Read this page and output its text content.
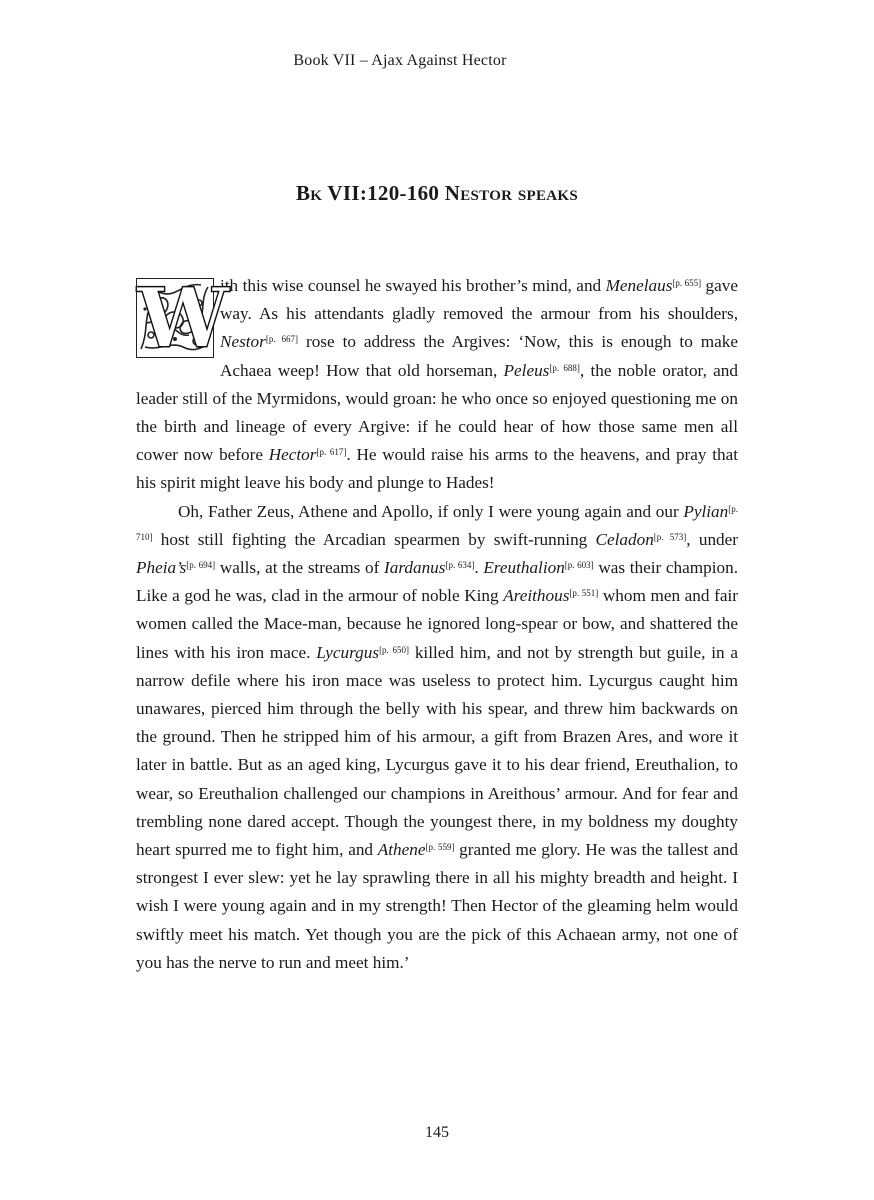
Book VII – Ajax Against Hector
Bk VII:120-160 Nestor speaks

W
ith this wise counsel he swayed his brother’s mind, and Menelaus[p. 655] gave way. As his attendants gladly removed the armour from his shoulders, Nestor[p. 667] rose to address the Argives: ‘Now, this is enough to make Achaea weep! How that old horseman, Peleus[p. 688], the noble orator, and leader still of the Myrmidons, would groan: he who once so enjoyed questioning me on the birth and lineage of every Argive: if he could hear of how those same men all cower now before Hector[p. 617]. He would raise his arms to the heavens, and pray that his spirit might leave his body and plunge to Hades!

Oh, Father Zeus, Athene and Apollo, if only I were young again and our Pylian[p. 710] host still fighting the Arcadian spearmen by swift-running Celadon[p. 573], under Pheia’s[p. 694] walls, at the streams of Iardanus[p. 634]. Ereuthalion[p. 603] was their champion. Like a god he was, clad in the armour of noble King Areithous[p. 551] whom men and fair women called the Mace-man, because he ignored long-spear or bow, and shattered the lines with his iron mace. Lycurgus[p. 650] killed him, and not by strength but guile, in a narrow defile where his iron mace was useless to protect him. Lycurgus caught him unawares, pierced him through the belly with his spear, and threw him backwards on the ground. Then he stripped him of his armour, a gift from Brazen Ares, and wore it later in battle. But as an aged king, Lycurgus gave it to his dear friend, Ereuthalion, to wear, so Ereuthalion challenged our champions in Areithous’ armour. And for fear and trembling none dared accept. Though the youngest there, in my boldness my doughty heart spurred me to fight him, and Athene[p. 559] granted me glory. He was the tallest and strongest I ever slew: yet he lay sprawling there in all his mighty breadth and height. I wish I were young again and in my strength! Then Hector of the gleaming helm would swiftly meet his match. Yet though you are the pick of this Achaean army, not one of you has the nerve to run and meet him.’

145
